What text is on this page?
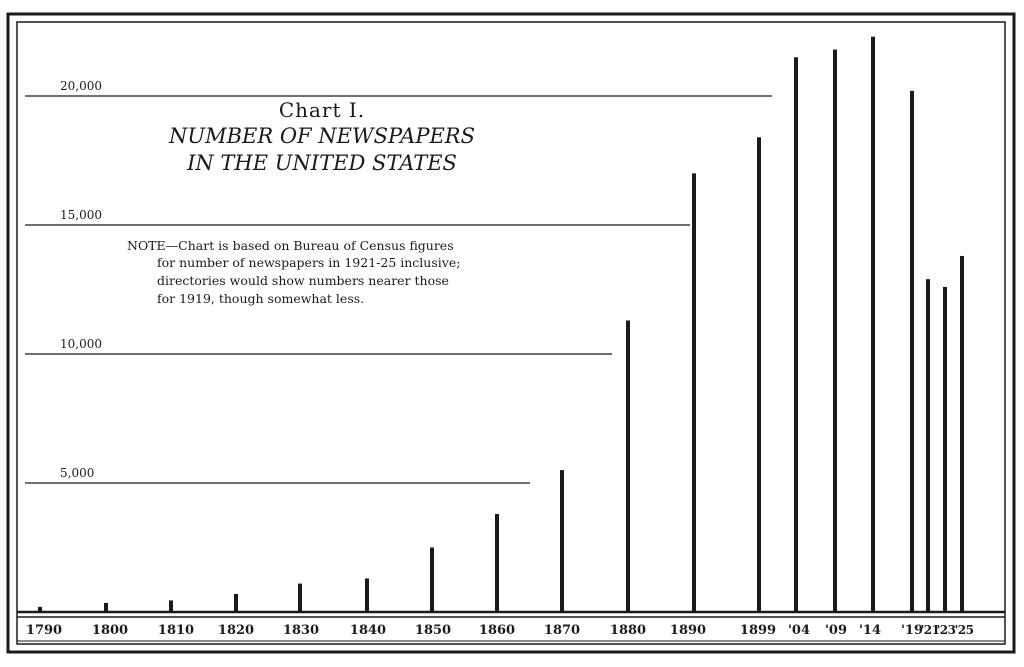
5,000
10,000
15,000
20,000
1790 1800 1810 1820 1830 1840 1850 1860 1870 1880 1890	1899 '04 '09 '14 '19
'21
'23 '25
Chart I.
NUMBER OF NEWSPAPERS
IN THE UNITED STATES
NOTE—Chart is based on Bureau of Census figures
for number of newspapers in 1921-25 inclusive;
directories would show numbers nearer those
for 1919, though somewhat less.
